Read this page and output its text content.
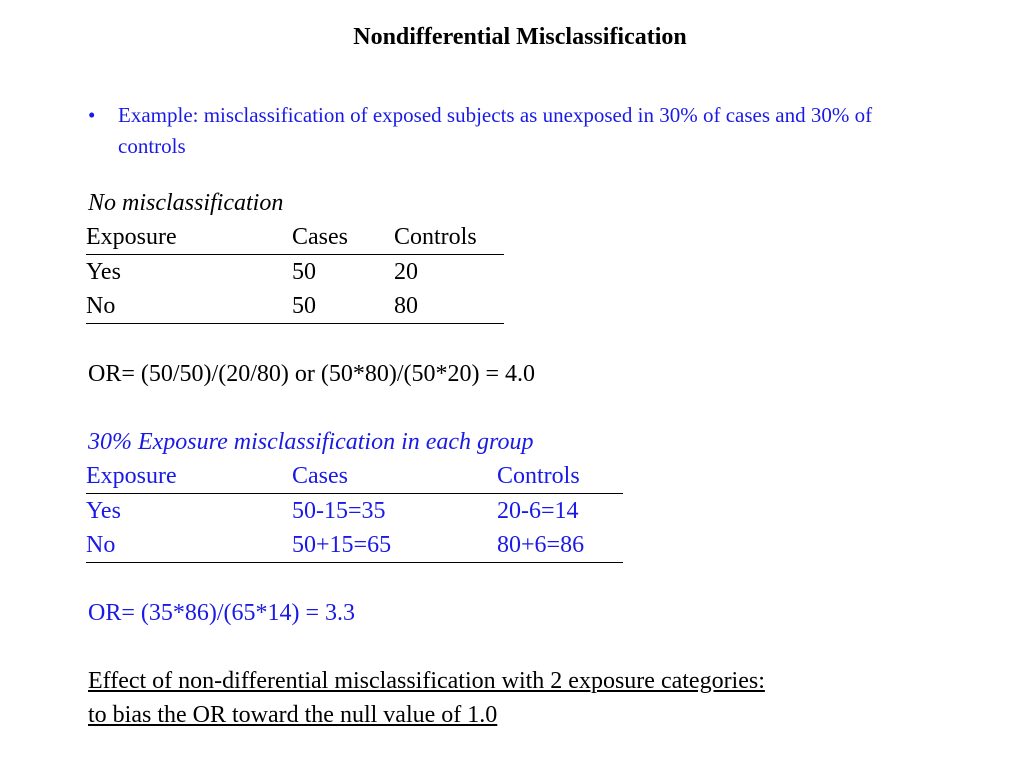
Nondifferential Misclassification
• Example: misclassification of exposed subjects as unexposed in 30% of cases and 30% of controls
No misclassification
Exposure	Cases	Controls
Yes	50	20
No	50	80
OR= (50/50)/(20/80) or (50*80)/(50*20) = 4.0
30% Exposure misclassification in each group
Exposure	Cases	Controls
Yes	50-15=35	20-6=14
No	50+15=65	80+6=86
OR= (35*86)/(65*14) = 3.3
Effect of non-differential misclassification with 2 exposure categories:
to bias the OR toward the null value of 1.0
